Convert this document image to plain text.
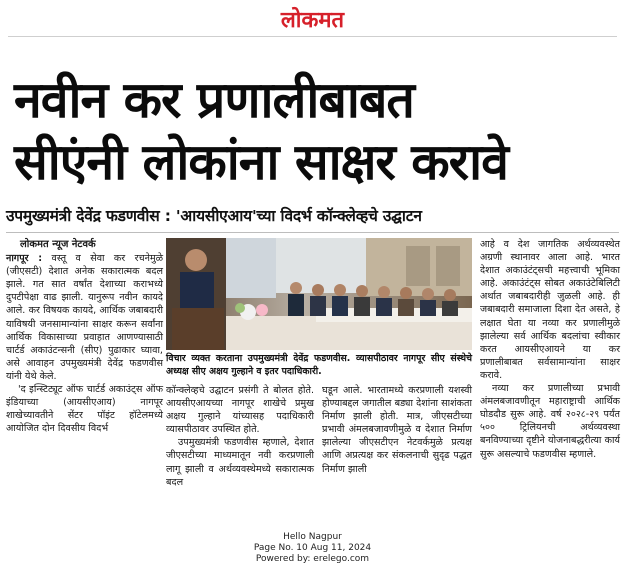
लोकमत
नवीन कर प्रणालीबाबत
सीएंनी लोकांना साक्षर करावे
उपमुख्यमंत्री देवेंद्र फडणवीस : 'आयसीएआय'च्या विदर्भ कॉन्क्लेव्हचे उद्घाटन
लोकमत न्यूज नेटवर्क

नागपूर : वस्तू व सेवा कर रचनेमुळे (जीएसटी) देशात अनेक सकारात्मक बदल झाले. गत सात वर्षांत देशाच्या कराभध्ये दुपटीपेक्षा वाढ झाली. यानुरूप नवीन कायदे आले. कर विषयक कायदे, आर्थिक जबाबदारी याविषयी जनसामान्यांना साक्षर करून सर्वांना आर्थिक विकासाच्या प्रवाहात आणण्यासाठी चार्टर्ड अकाउंटन्सनी (सीए) पुढाकार घ्यावा, असे आवाहन उपमुख्यमंत्री देवेंद्र फडणवीस यांनी येथे केले.

'द इन्स्टिट्यूट ऑफ चार्टर्ड अकाउंट्स ऑफ इंडियाच्या (आयसीएआय) नागपूर शाखेच्यावतीने सेंटर पॉइंट हॉटेलमध्ये आयोजित दोन दिवसीय विदर्भ

विचार व्यक्त करताना उपमुख्यमंत्री देवेंद्र फडणवीस. व्यासपीठावर नागपूर सीए संस्थेचे अध्यक्ष सीए अक्षय गुल्हाने व इतर पदाधिकारी.

कॉन्क्लेव्हचे उद्घाटन प्रसंगी ते बोलत होते. आयसीएआयच्या नागपूर शाखेचे प्रमुख अक्षय गुल्हाने यांच्यासह पदाधिकारी व्यासपीठावर उपस्थित होते.

उपमुख्यमंत्री फडणवीस म्हणाले, देशात जीएसटीच्या माध्यमातून नवी करप्रणाली लागू झाली व अर्थव्यवस्थेमध्ये सकारात्मक बदल

घडून आले. भारतामध्ये करप्रणाली यशस्वी होण्याबद्दल जगातील बड्या देशांना साशंकता निर्माण झाली होती. मात्र, जीएसटीच्या प्रभावी अंमलबजावणीमुळे व देशात निर्माण झालेल्या जीएसटीएन नेटवर्कमुळे प्रत्यक्ष आणि अप्रत्यक्ष कर संकलनाची सुदृढ पद्धत निर्माण झाली

आहे व देश जागतिक अर्थव्यवस्थेत अग्रणी स्थानावर आला आहे. भारत देशात अकाउंटंट्सची महत्त्वाची भूमिका आहे. अकाउंटंट्स सोबत अकाउंटेबिलिटी अर्थात जबाबदारीही जुळली आहे. ही जबाबदारी समाजाला दिशा देत असते, हे लक्षात घेता या नव्या कर प्रणालीमुळे झालेल्या सर्व आर्थिक बदलांचा स्वीकार करत आयसीएआयने या कर प्रणालीबाबत सर्वसामान्यांना साक्षर करावे.

नव्या कर प्रणालीच्या प्रभावी अंमलबजावणीतून महाराष्ट्राची आर्थिक घोडदौड सुरू आहे. वर्ष २०२८-२९ पर्यंत ५०० ट्रिलियनची अर्थव्यवस्था बनविण्याच्या दृष्टीने योजनाबद्धरीत्या कार्य सुरू असल्याचे फडणवीस म्हणाले.

Hello Nagpur
Page No. 10 Aug 11, 2024
Powered by: erelego.com
